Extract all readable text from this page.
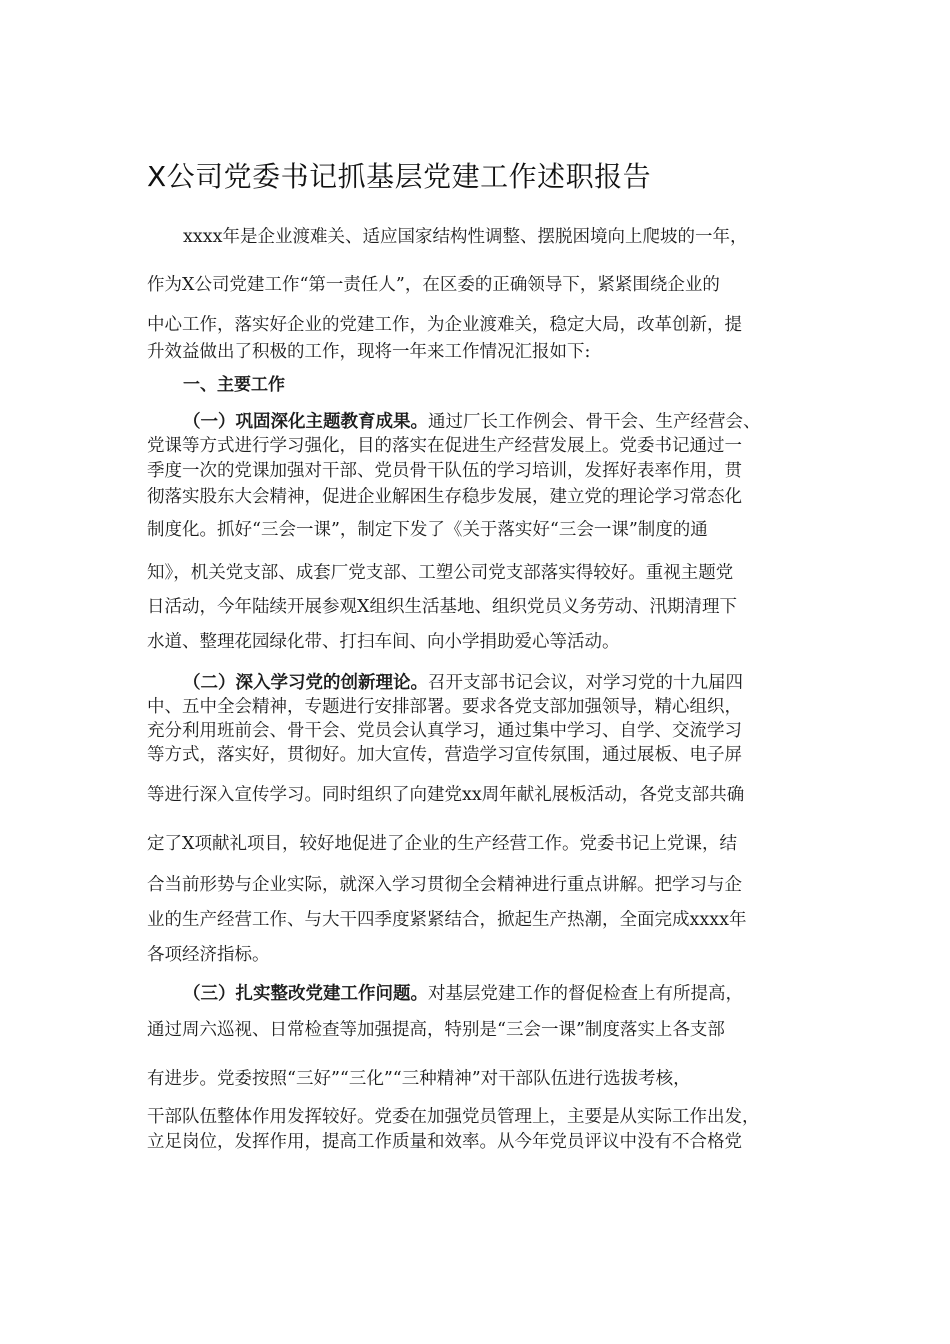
X公司党委书记抓基层党建工作述职报告
xxxx年是企业渡难关、适应国家结构性调整、摆脱困境向上爬坡的一年，
作为X公司党建工作“第一责任人”，在区委的正确领导下，紧紧围绕企业的
中心工作，落实好企业的党建工作，为企业渡难关，稳定大局，改革创新，提
升效益做出了积极的工作，现将一年来工作情况汇报如下:
一、主要工作
（一）巩固深化主题教育成果。通过厂长工作例会、骨干会、生产经营会、
党课等方式进行学习强化，目的落实在促进生产经营发展上。党委书记通过一
季度一次的党课加强对干部、党员骨干队伍的学习培训，发挥好表率作用，贯
彻落实股东大会精神，促进企业解困生存稳步发展，建立党的理论学习常态化
制度化。抓好“三会一课”，制定下发了《关于落实好“三会一课”制度的通
知》，机关党支部、成套厂党支部、工塑公司党支部落实得较好。重视主题党
日活动，今年陆续开展参观X组织生活基地、组织党员义务劳动、汛期清理下
水道、整理花园绿化带、打扫车间、向小学捐助爱心等活动。
（二）深入学习党的创新理论。召开支部书记会议，对学习党的十九届四
中、五中全会精神，专题进行安排部署。要求各党支部加强领导，精心组织，
充分利用班前会、骨干会、党员会认真学习，通过集中学习、自学、交流学习
等方式，落实好，贯彻好。加大宣传，营造学习宣传氛围，通过展板、电子屏
等进行深入宣传学习。同时组织了向建党xx周年献礼展板活动，各党支部共确
定了X项献礼项目，较好地促进了企业的生产经营工作。党委书记上党课，结
合当前形势与企业实际，就深入学习贯彻全会精神进行重点讲解。把学习与企
业的生产经营工作、与大干四季度紧紧结合，掀起生产热潮，全面完成xxxx年
各项经济指标。
（三）扎实整改党建工作问题。对基层党建工作的督促检查上有所提高，
通过周六巡视、日常检查等加强提高，特别是“三会一课”制度落实上各支部
有进步。党委按照“三好”“三化”“三种精神”对干部队伍进行选拔考核，
干部队伍整体作用发挥较好。党委在加强党员管理上，主要是从实际工作出发，
立足岗位，发挥作用，提高工作质量和效率。从今年党员评议中没有不合格党
